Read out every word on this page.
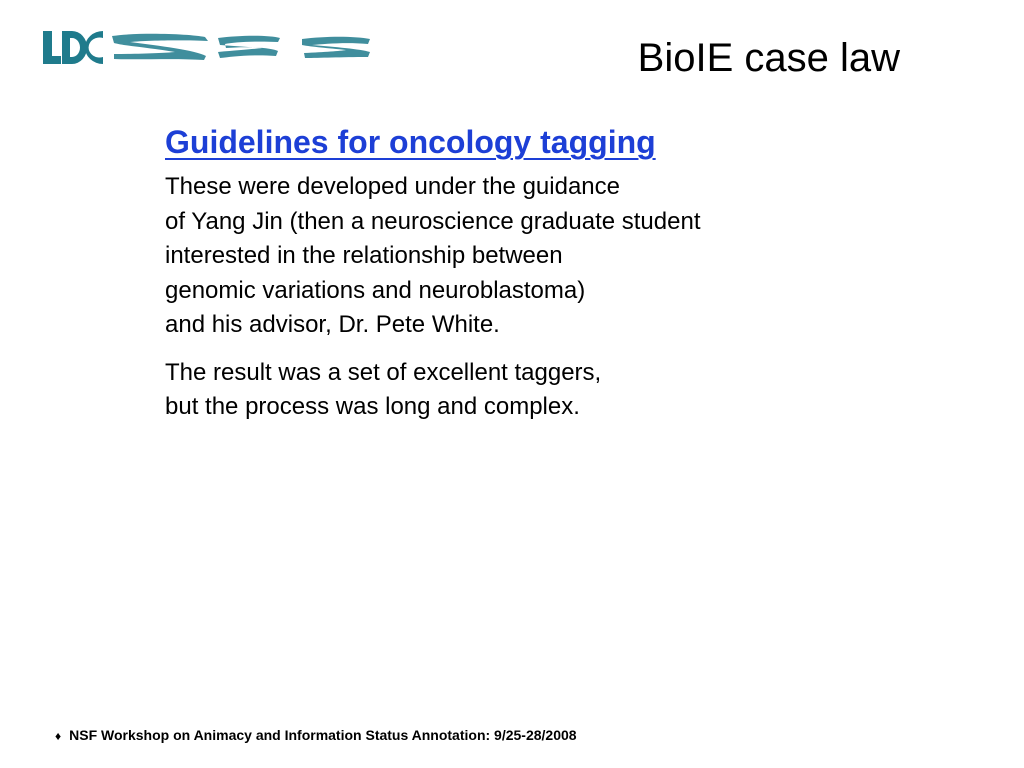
BioIE case law
Guidelines for oncology tagging
These were developed under the guidance
of Yang Jin (then a neuroscience graduate student
interested in the relationship between
genomic variations and neuroblastoma)
and his advisor, Dr. Pete White.
The result was a set of excellent taggers,
but the process was long and complex.
♦ NSF Workshop on Animacy and Information Status Annotation: 9/25-28/2008
